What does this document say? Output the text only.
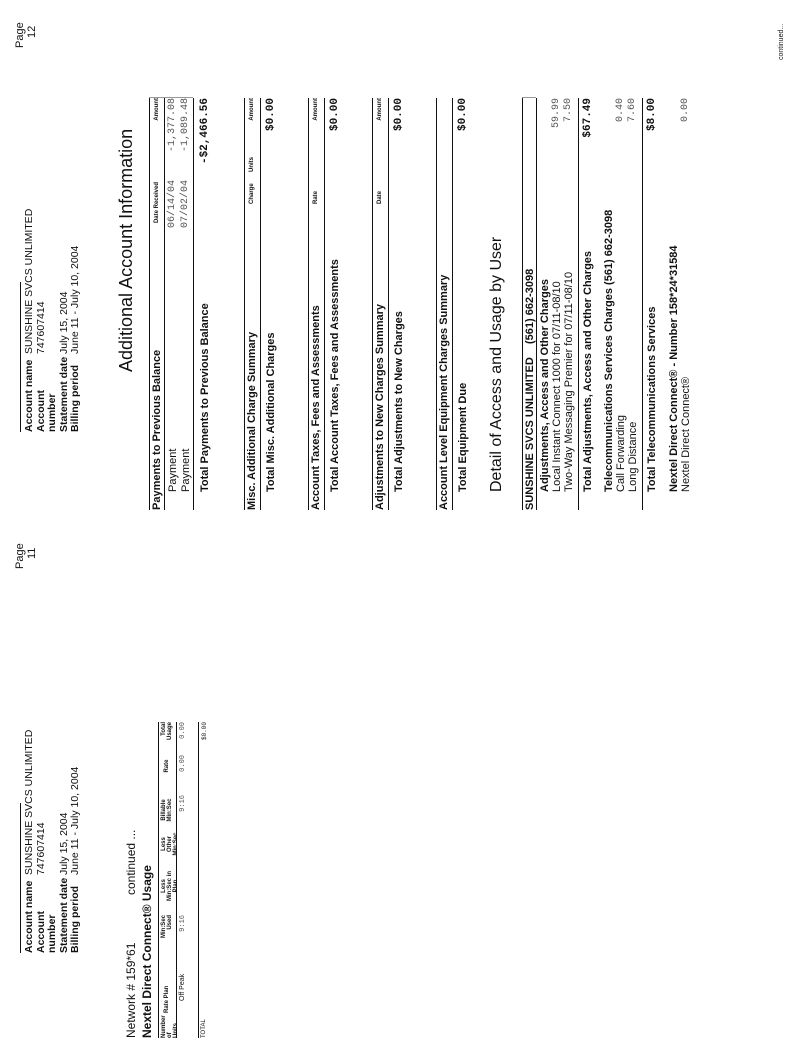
Account name
SUNSHINE SVCS UNLIMITED
Account number
747607414
Statement date
July 15, 2004
Billing period
June 11 - July 10, 2004
Page 11
Network # 159*61
continued ...
Nextel Direct Connect® Usage Number of Units
Rate Plan
Min:Sec Used
Less Min:Sec in Plan
Less Other Min:Sec
Billable Min:Sec
Rate
Total Usage
Off Peak
9:16
9:16
0.00
0.00
TOTAL
$0.00
Account name
SUNSHINE SVCS UNLIMITED
Account number
747607414
Statement date
July 15, 2004
Billing period
June 11 - July 10, 2004
Page 12
Additional Account Information
Payments to Previous Balance
Date Received
Amount
Payment
06/14/04
-1,377.08
Payment
07/02/04
-1,089.48
Total Payments to Previous Balance
-$2,466.56
Misc. Additional Charge Summary
Charge
Units
Amount
Total Misc. Additional Charges
$0.00
Account Taxes, Fees and Assessments
Rate
Amount
Total Account Taxes, Fees and Assessments
$0.00
Adjustments to New Charges Summary
Date
Amount
Total Adjustments to New Charges
$0.00
Account Level Equipment Charges Summary Total Equipment Due
$0.00
Detail of Access and Usage by User SUNSHINE SVCS UNLIMITED
(561) 662-3098 Adjustments, Access and Other Charges Local Instant Connect 1000 for 07/11-08/10
59.99
Two-Way Messaging Premier for 07/11-08/10
7.50
Total Adjustments, Access and Other Charges
$67.49
Telecommunications Services Charges (561) 662-3098 Call Forwarding
0.40
Long Distance
7.60
Total Telecommunications Services
$8.00
Nextel Direct Connect® - Number 158*24*31584 Nextel Direct Connect®
0.00
continued...
